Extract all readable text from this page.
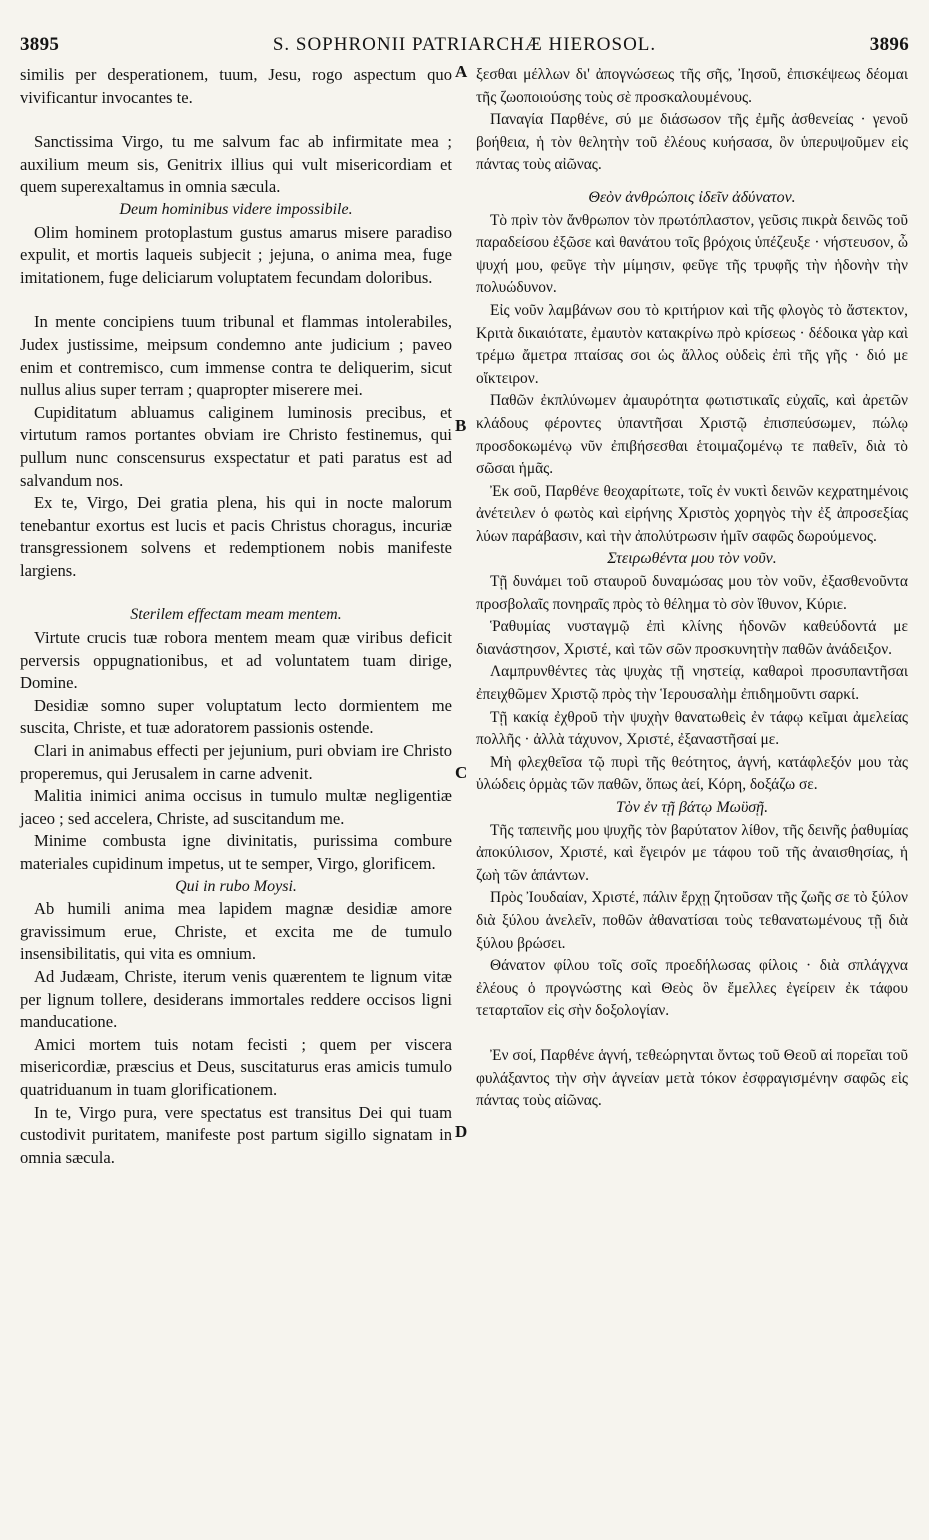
3895	S. SOPHRONII PATRIARCHÆ HIEROSOL.	3896

similis per desperationem, tuum, Jesu, rogo aspectum quo vivificantur invocantes te.

Sanctissima Virgo, tu me salvum fac ab infirmitate mea ; auxilium meum sis, Genitrix illius qui vult misericordiam et quem superexaltamus in omnia sæcula.

Deum hominibus videre impossibile.

Olim hominem protoplastum gustus amarus misere paradiso expulit, et mortis laqueis subjecit ; jejuna, o anima mea, fuge imitationem, fuge deliciarum voluptatem fecundam doloribus.

In mente concipiens tuum tribunal et flammas intolerabiles, Judex justissime, meipsum condemno ante judicium ; paveo enim et contremisco, cum immense contra te deliquerim, sicut nullus alius super terram ; quapropter miserere mei.

Cupiditatum abluamus caliginem luminosis precibus, et virtutum ramos portantes obviam ire Christo festinemus, qui pullum nunc conscensurus exspectatur et pati paratus est ad salvandum nos.

Ex te, Virgo, Dei gratia plena, his qui in nocte malorum tenebantur exortus est lucis et pacis Christus choragus, incuriæ transgressionem solvens et redemptionem nobis manifeste largiens.

Sterilem effectam meam mentem.

Virtute crucis tuæ robora mentem meam quæ viribus deficit perversis oppugnationibus, et ad voluntatem tuam dirige, Domine.

Desidiæ somno super voluptatum lecto dormientem me suscita, Christe, et tuæ adoratorem passionis ostende.

Clari in animabus effecti per jejunium, puri obviam ire Christo properemus, qui Jerusalem in carne advenit.

Malitia inimici anima occisus in tumulo multæ negligentiæ jaceo ; sed accelera, Christe, ad suscitandum me.

Minime combusta igne divinitatis, purissima combure materiales cupidinum impetus, ut te semper, Virgo, glorificem.

Qui in rubo Moysi.

Ab humili anima mea lapidem magnæ desidiæ amore gravissimum erue, Christe, et excita me de tumulo insensibilitatis, qui vita es omnium.

Ad Judæam, Christe, iterum venis quærentem te lignum vitæ per lignum tollere, desiderans immortales reddere occisos ligni manducatione.

Amici mortem tuis notam fecisti ; quem per viscera misericordiæ, præscius et Deus, suscitaturus eras amicis tumulo quatriduanum in tuam glorificationem.

In te, Virgo pura, vere spectatus est transitus Dei qui tuam custodivit puritatem, manifeste post partum sigillo signatam in omnia sæcula.

ξεσθαι μέλλων δι' ἀπογνώσεως τῆς σῆς, Ἰησοῦ, ἐπισκέψεως δέομαι τῆς ζωοποιούσης τοὺς σὲ προσκαλουμένους.

Παναγία Παρθένε, σύ με διάσωσον τῆς ἐμῆς ἀσθενείας · γενοῦ βοήθεια, ἡ τὸν θελητὴν τοῦ ἐλέους κυήσασα, ὃν ὑπερυψοῦμεν εἰς πάντας τοὺς αἰῶνας.

Θεὸν ἀνθρώποις ἰδεῖν ἀδύνατον.

Τὸ πρὶν τὸν ἄνθρωπον τὸν πρωτόπλαστον, γεῦσις πικρὰ δεινῶς τοῦ παραδείσου ἐξῶσε καὶ θανάτου τοῖς βρόχοις ὑπέζευξε · νήστευσον, ὦ ψυχή μου, φεῦγε τὴν μίμησιν, φεῦγε τῆς τρυφῆς τὴν ἡδονὴν τὴν πολυώδυνον.

Εἰς νοῦν λαμβάνων σου τὸ κριτήριον καὶ τῆς φλογὸς τὸ ἄστεκτον, Κριτὰ δικαιότατε, ἐμαυτὸν κατακρίνω πρὸ κρίσεως · δέδοικα γὰρ καὶ τρέμω ἄμετρα πταίσας σοι ὡς ἄλλος οὐδεὶς ἐπὶ τῆς γῆς · διό με οἴκτειρον.

Παθῶν ἐκπλύνωμεν ἀμαυρότητα φωτιστικαῖς εὐχαῖς, καὶ ἀρετῶν κλάδους φέροντες ὑπαντῆσαι Χριστῷ ἐπισπεύσωμεν, πώλῳ προσδοκωμένῳ νῦν ἐπιβήσεσθαι ἑτοιμαζομένῳ τε παθεῖν, διὰ τὸ σῶσαι ἡμᾶς.

Ἐκ σοῦ, Παρθένε θεοχαρίτωτε, τοῖς ἐν νυκτὶ δεινῶν κεχρατημένοις ἀνέτειλεν ὁ φωτὸς καὶ εἰρήνης Χριστὸς χορηγὸς τὴν ἐξ ἀπροσεξίας λύων παράβασιν, καὶ τὴν ἀπολύτρωσιν ἡμῖν σαφῶς δωρούμενος.

Στειρωθέντα μου τὸν νοῦν.

Τῇ δυνάμει τοῦ σταυροῦ δυναμώσας μου τὸν νοῦν, ἐξασθενοῦντα προσβολαῖς πονηραῖς πρὸς τὸ θέλημα τὸ σὸν ἴθυνον, Κύριε.

Ῥαθυμίας νυσταγμῷ ἐπὶ κλίνης ἡδονῶν καθεύδοντά με διανάστησον, Χριστέ, καὶ τῶν σῶν προσκυνητὴν παθῶν ἀνάδειξον.

Λαμπρυνθέντες τὰς ψυχὰς τῇ νηστείᾳ, καθαροὶ προσυπαντῆσαι ἐπειχθῶμεν Χριστῷ πρὸς τὴν Ἱερουσαλὴμ ἐπιδημοῦντι σαρκί.

Τῇ κακίᾳ ἐχθροῦ τὴν ψυχὴν θανατωθεὶς ἐν τάφῳ κεῖμαι ἀμελείας πολλῆς · ἀλλὰ τάχυνον, Χριστέ, ἐξαναστῆσαί με.

Μὴ φλεχθεῖσα τῷ πυρὶ τῆς θεότητος, ἁγνή, κατάφλεξόν μου τὰς ὑλώδεις ὁρμὰς τῶν παθῶν, ὅπως ἀεί, Κόρη, δοξάζω σε.

Τὸν ἐν τῇ βάτῳ Μωϋσῇ.

Τῆς ταπεινῆς μου ψυχῆς τὸν βαρύτατον λίθον, τῆς δεινῆς ῥαθυμίας ἀποκύλισον, Χριστέ, καὶ ἔγειρόν με τάφου τοῦ τῆς ἀναισθησίας, ἡ ζωὴ τῶν ἁπάντων.

Πρὸς Ἰουδαίαν, Χριστέ, πάλιν ἔρχῃ ζητοῦσαν τῆς ζωῆς σε τὸ ξύλον διὰ ξύλου ἀνελεῖν, ποθῶν ἀθανατίσαι τοὺς τεθανατωμένους τῇ διὰ ξύλου βρώσει.

Θάνατον φίλου τοῖς σοῖς προεδήλωσας φίλοις · διὰ σπλάγχνα ἐλέους ὁ προγνώστης καὶ Θεὸς ὃν ἔμελλες ἐγείρειν ἐκ τάφου τεταρταῖον εἰς σὴν δοξολογίαν.

Ἐν σοί, Παρθένε ἁγνή, τεθεώρηνται ὄντως τοῦ Θεοῦ αἱ πορεῖαι τοῦ φυλάξαντος τὴν σὴν ἁγνείαν μετὰ τόκον ἐσφραγισμένην σαφῶς εἰς πάντας τοὺς αἰῶνας.

A
B
C
D
